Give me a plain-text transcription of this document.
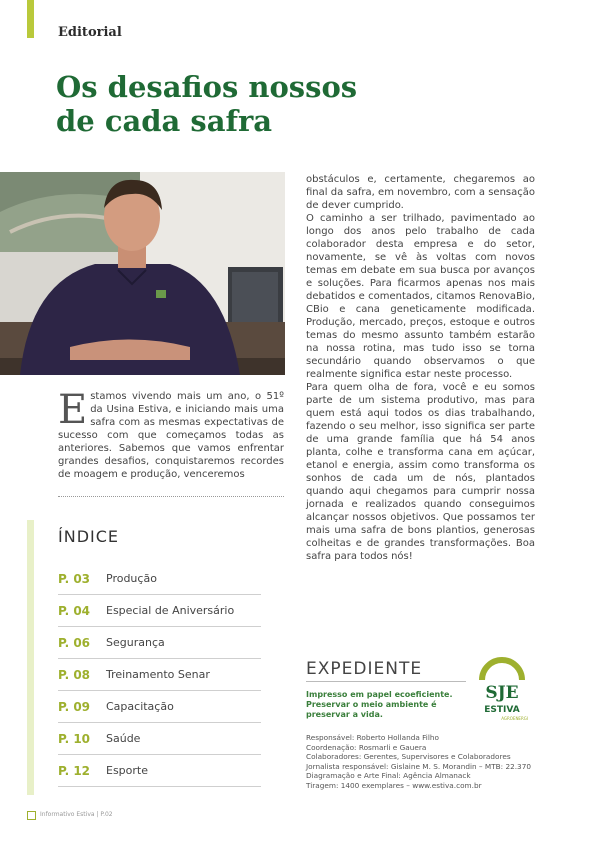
Editorial
Os desafios nossos
de cada safra
Estamos vivendo mais um ano, o 51º da Usina Estiva, e iniciando mais uma safra com as mesmas expectativas de sucesso com que começamos todas as anteriores. Sabemos que vamos enfrentar grandes desafios, conquistaremos recordes de moagem e produção, venceremos
obstáculos e, certamente, chegaremos ao final da safra, em novembro, com a sensação de dever cumprido.
O caminho a ser trilhado, pavimentado ao longo dos anos pelo trabalho de cada colaborador desta empresa e do setor, novamente, se vê às voltas com novos temas em debate em sua busca por avanços e soluções. Para ficarmos apenas nos mais debatidos e comentados, citamos RenovaBio, CBio e cana geneticamente modificada. Produção, mercado, preços, estoque e outros temas do mesmo assunto também estarão na nossa rotina, mas tudo isso se torna secundário quando observamos o que realmente significa estar neste processo.
Para quem olha de fora, você e eu somos parte de um sistema produtivo, mas para quem está aqui todos os dias trabalhando, fazendo o seu melhor, isso significa ser parte de uma grande família que há 54 anos planta, colhe e transforma cana em açúcar, etanol e energia, assim como transforma os sonhos de cada um de nós, plantados quando aqui chegamos para cumprir nossa jornada e realizados quando conseguimos alcançar nossos objetivos. Que possamos ter mais uma safra de bons plantios, generosas colheitas e de grandes transformações. Boa safra para todos nós!
ÍNDICE
P. 03	Produção
P. 04	Especial de Aniversário
P. 06	Segurança
P. 08	Treinamento Senar
P. 09	Capacitação
P. 10	Saúde
P. 12	Esporte
EXPEDIENTE
Impresso em papel ecoeficiente. Preservar o meio ambiente é preservar a vida.
Responsável: Roberto Hollanda Filho
Coordenação: Rosmarli e Gauera
Colaboradores: Gerentes, Supervisores e Colaboradores
Jornalista responsável: Gislaine M. S. Morandin – MTB: 22.370
Diagramação e Arte Final: Agência Almanack
Tiragem: 1400 exemplares – www.estiva.com.br
SJE
ESTIVA
AGROENERGIA
Informativo Estiva | P.02
